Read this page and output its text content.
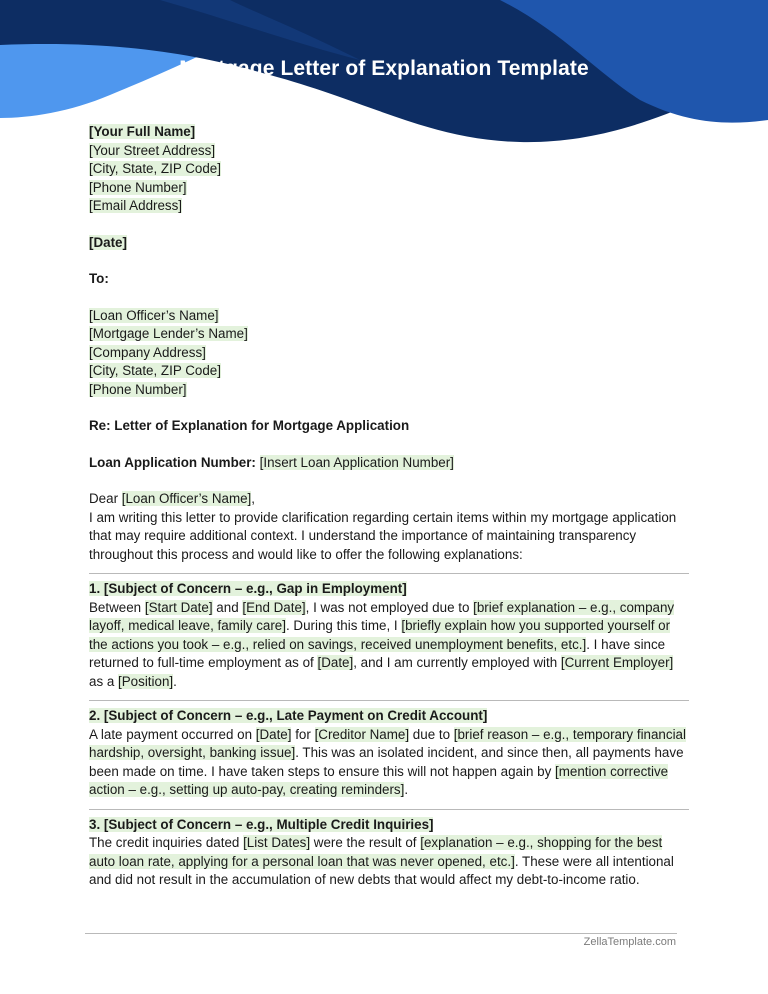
Mortgage Letter of Explanation Template

[Your Full Name]

[Your Street Address]

[City, State, ZIP Code]

[Phone Number]

[Email Address]

[Date]

To:

[Loan Officer’s Name]

[Mortgage Lender’s Name]

[Company Address]

[City, State, ZIP Code]

[Phone Number]

Re: Letter of Explanation for Mortgage Application

Loan Application Number: [Insert Loan Application Number]

Dear [Loan Officer’s Name],

I am writing this letter to provide clarification regarding certain items within my mortgage application that may require additional context. I understand the importance of maintaining transparency throughout this process and would like to offer the following explanations:

1. [Subject of Concern – e.g., Gap in Employment]

Between [Start Date] and [End Date], I was not employed due to [brief explanation – e.g., company layoff, medical leave, family care]. During this time, I [briefly explain how you supported yourself or the actions you took – e.g., relied on savings, received unemployment benefits, etc.]. I have since returned to full-time employment as of [Date], and I am currently employed with [Current Employer] as a [Position].

2. [Subject of Concern – e.g., Late Payment on Credit Account]

A late payment occurred on [Date] for [Creditor Name] due to [brief reason – e.g., temporary financial hardship, oversight, banking issue]. This was an isolated incident, and since then, all payments have been made on time. I have taken steps to ensure this will not happen again by [mention corrective action – e.g., setting up auto-pay, creating reminders].

3. [Subject of Concern – e.g., Multiple Credit Inquiries]

The credit inquiries dated [List Dates] were the result of [explanation – e.g., shopping for the best auto loan rate, applying for a personal loan that was never opened, etc.]. These were all intentional and did not result in the accumulation of new debts that would affect my debt-to-income ratio.

ZellaTemplate.com
